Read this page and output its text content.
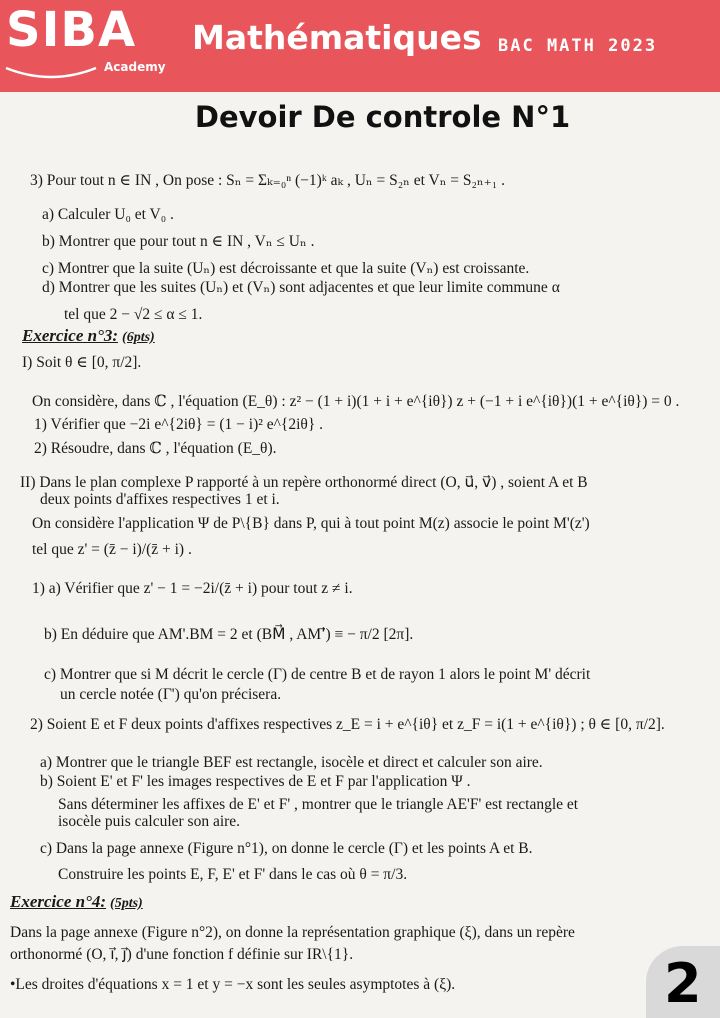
SIBA
Academy
Mathématiques BAC MATH 2023
Devoir De controle N°1
3) Pour tout n ∈ IN , On pose : Sₙ = Σₖ₌₀ⁿ (−1)ᵏ aₖ , Uₙ = S₂ₙ et Vₙ = S₂ₙ₊₁ .
a) Calculer U₀ et V₀ .
b) Montrer que pour tout n ∈ IN , Vₙ ≤ Uₙ .
c) Montrer que la suite (Uₙ) est décroissante et que la suite (Vₙ) est croissante.
d) Montrer que les suites (Uₙ) et (Vₙ) sont adjacentes et que leur limite commune α
tel que 2 − √2 ≤ α ≤ 1.
Exercice n°3: (6pts)
I) Soit θ ∈ [0, π/2].
On considère, dans ℂ , l'équation (E_θ) : z² − (1 + i)(1 + i + e^{iθ}) z + (−1 + i e^{iθ})(1 + e^{iθ}) = 0 .
1) Vérifier que −2i e^{2iθ} = (1 − i)² e^{2iθ} .
2) Résoudre, dans ℂ , l'équation (E_θ).
II) Dans le plan complexe P rapporté à un repère orthonormé direct (O, u⃗, v⃗) , soient A et B
deux points d'affixes respectives 1 et i.
On considère l'application Ψ de P\{B} dans P, qui à tout point M(z) associe le point M'(z')
tel que z' = (z̄ − i)/(z̄ + i) .
1) a) Vérifier que z' − 1 = −2i/(z̄ + i) pour tout z ≠ i.
b) En déduire que AM'.BM = 2 et (BM⃗ , AM'⃗) ≡ − π/2 [2π].
c) Montrer que si M décrit le cercle (Γ) de centre B et de rayon 1 alors le point M' décrit
un cercle notée (Γ') qu'on précisera.
2) Soient E et F deux points d'affixes respectives z_E = i + e^{iθ} et z_F = i(1 + e^{iθ}) ; θ ∈ [0, π/2].
a) Montrer que le triangle BEF est rectangle, isocèle et direct et calculer son aire.
b) Soient E' et F' les images respectives de E et F par l'application Ψ .
Sans déterminer les affixes de E' et F' , montrer que le triangle AE'F' est rectangle et
isocèle puis calculer son aire.
c) Dans la page annexe (Figure n°1), on donne le cercle (Γ) et les points A et B.
Construire les points E, F, E' et F' dans le cas où θ = π/3.
Exercice n°4: (5pts)
Dans la page annexe (Figure n°2), on donne la représentation graphique (ξ), dans un repère
orthonormé (O, i⃗, j⃗) d'une fonction f définie sur IR\{1}.
•Les droites d'équations x = 1 et y = −x sont les seules asymptotes à (ξ).	2
